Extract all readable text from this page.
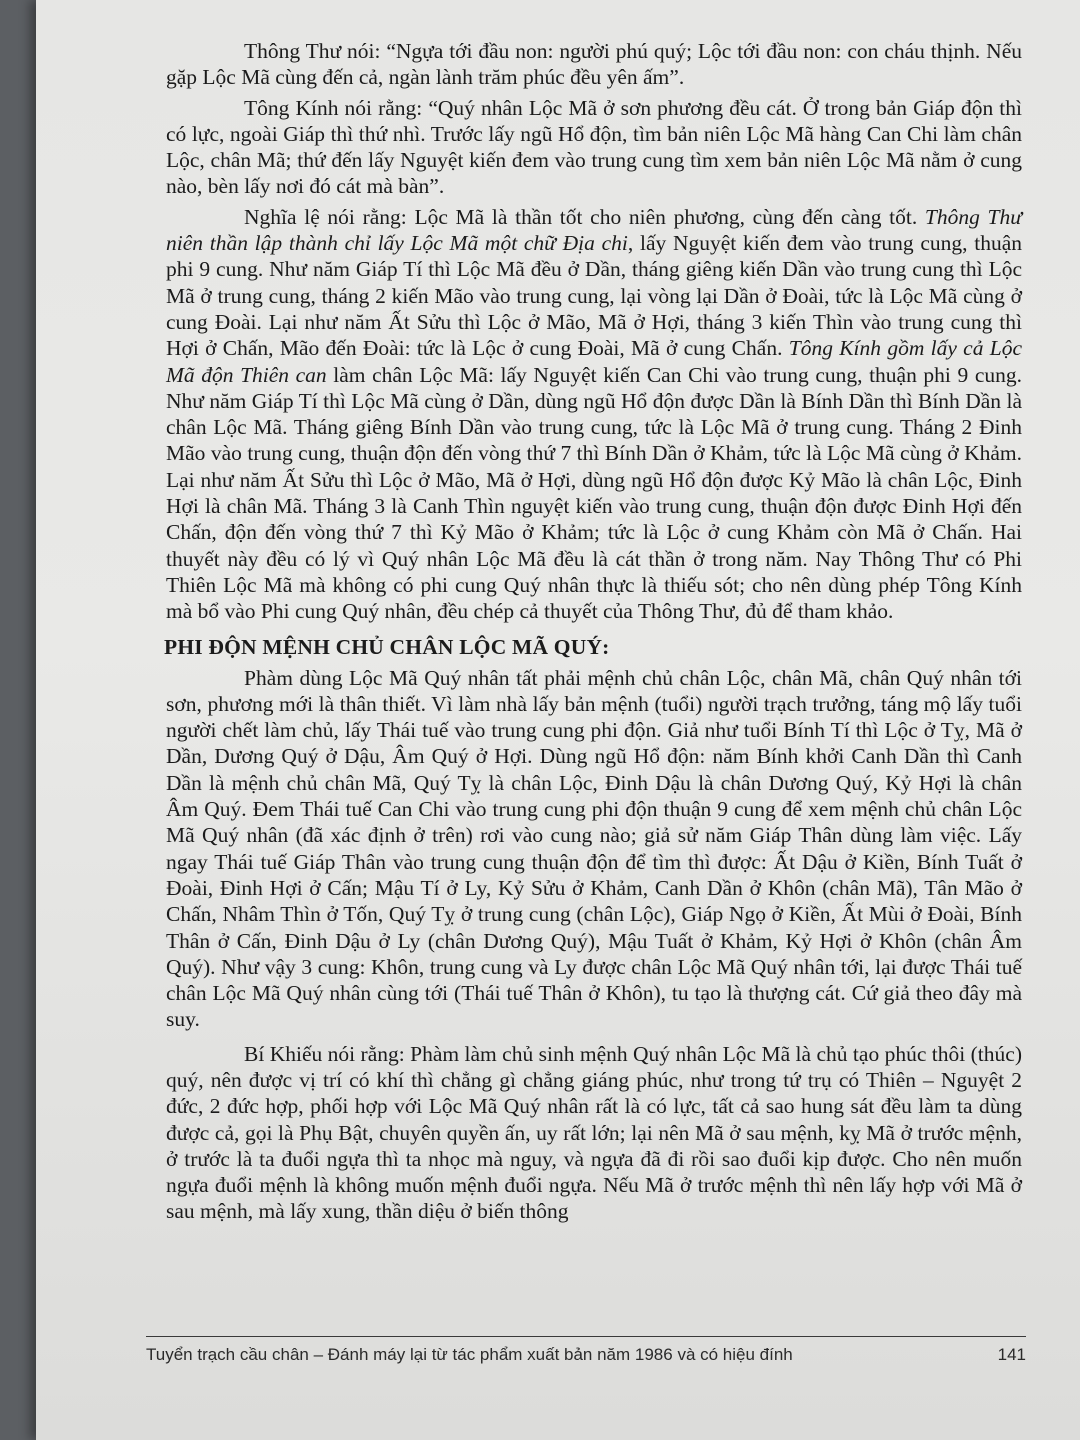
Thông Thư nói: “Ngựa tới đầu non: người phú quý; Lộc tới đầu non: con cháu thịnh. Nếu gặp Lộc Mã cùng đến cả, ngàn lành trăm phúc đều yên ấm”.

Tông Kính nói rằng: “Quý nhân Lộc Mã ở sơn phương đều cát. Ở trong bản Giáp độn thì có lực, ngoài Giáp thì thứ nhì. Trước lấy ngũ Hổ độn, tìm bản niên Lộc Mã hàng Can Chi làm chân Lộc, chân Mã; thứ đến lấy Nguyệt kiến đem vào trung cung tìm xem bản niên Lộc Mã nằm ở cung nào, bèn lấy nơi đó cát mà bàn”.

Nghĩa lệ nói rằng: Lộc Mã là thần tốt cho niên phương, cùng đến càng tốt. Thông Thư niên thần lập thành chỉ lấy Lộc Mã một chữ Địa chi, lấy Nguyệt kiến đem vào trung cung, thuận phi 9 cung. Như năm Giáp Tí thì Lộc Mã đều ở Dần, tháng giêng kiến Dần vào trung cung thì Lộc Mã ở trung cung, tháng 2 kiến Mão vào trung cung, lại vòng lại Dần ở Đoài, tức là Lộc Mã cùng ở cung Đoài. Lại như năm Ất Sửu thì Lộc ở Mão, Mã ở Hợi, tháng 3 kiến Thìn vào trung cung thì Hợi ở Chấn, Mão đến Đoài: tức là Lộc ở cung Đoài, Mã ở cung Chấn. Tông Kính gồm lấy cả Lộc Mã độn Thiên can làm chân Lộc Mã: lấy Nguyệt kiến Can Chi vào trung cung, thuận phi 9 cung. Như năm Giáp Tí thì Lộc Mã cùng ở Dần, dùng ngũ Hổ độn được Dần là Bính Dần thì Bính Dần là chân Lộc Mã. Tháng giêng Bính Dần vào trung cung, tức là Lộc Mã ở trung cung. Tháng 2 Đinh Mão vào trung cung, thuận độn đến vòng thứ 7 thì Bính Dần ở Khảm, tức là Lộc Mã cùng ở Khảm. Lại như năm Ất Sửu thì Lộc ở Mão, Mã ở Hợi, dùng ngũ Hổ độn được Kỷ Mão là chân Lộc, Đinh Hợi là chân Mã. Tháng 3 là Canh Thìn nguyệt kiến vào trung cung, thuận độn được Đinh Hợi đến Chấn, độn đến vòng thứ 7 thì Kỷ Mão ở Khảm; tức là Lộc ở cung Khảm còn Mã ở Chấn. Hai thuyết này đều có lý vì Quý nhân Lộc Mã đều là cát thần ở trong năm. Nay Thông Thư có Phi Thiên Lộc Mã mà không có phi cung Quý nhân thực là thiếu sót; cho nên dùng phép Tông Kính mà bổ vào Phi cung Quý nhân, đều chép cả thuyết của Thông Thư, đủ để tham khảo.

PHI ĐỘN MỆNH CHỦ CHÂN LỘC MÃ QUÝ:

Phàm dùng Lộc Mã Quý nhân tất phải mệnh chủ chân Lộc, chân Mã, chân Quý nhân tới sơn, phương mới là thân thiết. Vì làm nhà lấy bản mệnh (tuổi) người trạch trưởng, táng mộ lấy tuổi người chết làm chủ, lấy Thái tuế vào trung cung phi độn. Giả như tuổi Bính Tí thì Lộc ở Tỵ, Mã ở Dần, Dương Quý ở Dậu, Âm Quý ở Hợi. Dùng ngũ Hổ độn: năm Bính khởi Canh Dần thì Canh Dần là mệnh chủ chân Mã, Quý Tỵ là chân Lộc, Đinh Dậu là chân Dương Quý, Kỷ Hợi là chân Âm Quý. Đem Thái tuế Can Chi vào trung cung phi độn thuận 9 cung để xem mệnh chủ chân Lộc Mã Quý nhân (đã xác định ở trên) rơi vào cung nào; giả sử năm Giáp Thân dùng làm việc. Lấy ngay Thái tuế Giáp Thân vào trung cung thuận độn để tìm thì được: Ất Dậu ở Kiền, Bính Tuất ở Đoài, Đinh Hợi ở Cấn; Mậu Tí ở Ly, Kỷ Sửu ở Khảm, Canh Dần ở Khôn (chân Mã), Tân Mão ở Chấn, Nhâm Thìn ở Tốn, Quý Tỵ ở trung cung (chân Lộc), Giáp Ngọ ở Kiền, Ất Mùi ở Đoài, Bính Thân ở Cấn, Đinh Dậu ở Ly (chân Dương Quý), Mậu Tuất ở Khảm, Kỷ Hợi ở Khôn (chân Âm Quý). Như vậy 3 cung: Khôn, trung cung và Ly được chân Lộc Mã Quý nhân tới, lại được Thái tuế chân Lộc Mã Quý nhân cùng tới (Thái tuế Thân ở Khôn), tu tạo là thượng cát. Cứ giả theo đây mà suy.

Bí Khiếu nói rằng: Phàm làm chủ sinh mệnh Quý nhân Lộc Mã là chủ tạo phúc thôi (thúc) quý, nên được vị trí có khí thì chẳng gì chẳng giáng phúc, như trong tứ trụ có Thiên – Nguyệt 2 đức, 2 đức hợp, phối hợp với Lộc Mã Quý nhân rất là có lực, tất cả sao hung sát đều làm ta dùng được cả, gọi là Phụ Bật, chuyên quyền ấn, uy rất lớn; lại nên Mã ở sau mệnh, kỵ Mã ở trước mệnh, ở trước là ta đuổi ngựa thì ta nhọc mà nguy, và ngựa đã đi rồi sao đuổi kịp được. Cho nên muốn ngựa đuổi mệnh là không muốn mệnh đuổi ngựa. Nếu Mã ở trước mệnh thì nên lấy hợp với Mã ở sau mệnh, mà lấy xung, thần diệu ở biến thông

Tuyển trạch cầu chân – Đánh máy lại từ tác phẩm xuất bản năm 1986 và có hiệu đính	141
